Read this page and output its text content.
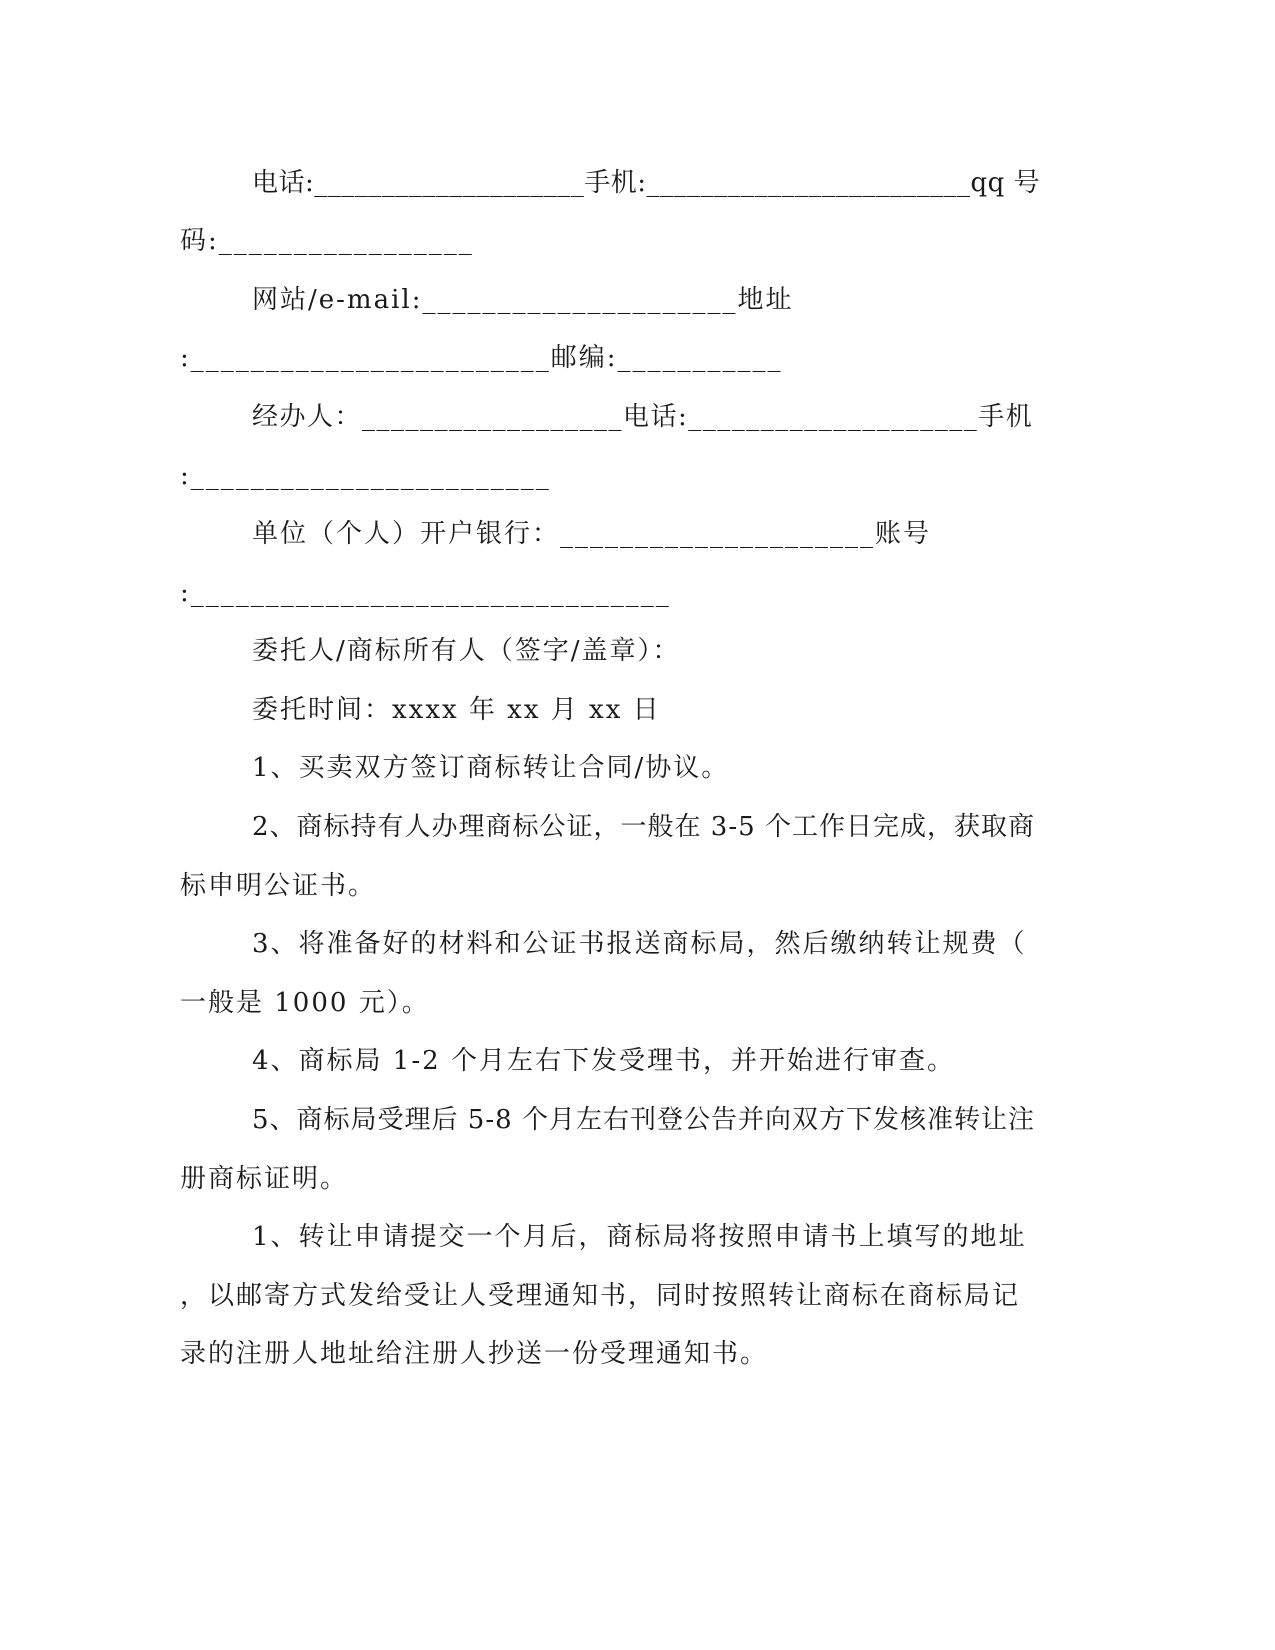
电话:____________________手机:________________________qq 号
码:_________________
网站/e-mail:_____________________地址
:________________________邮编:___________
经办人：__________________电话:____________________手机
:________________________
单位（个人）开户银行：_____________________账号
:________________________________
委托人/商标所有人（签字/盖章）：
委托时间：xxxx 年 xx 月 xx 日
1、买卖双方签订商标转让合同/协议。
2、商标持有人办理商标公证，一般在 3-5 个工作日完成，获取商
标申明公证书。
3、将准备好的材料和公证书报送商标局，然后缴纳转让规费（
一般是 1000 元）。
4、商标局 1-2 个月左右下发受理书，并开始进行审查。
5、商标局受理后 5-8 个月左右刊登公告并向双方下发核准转让注
册商标证明。
1、转让申请提交一个月后，商标局将按照申请书上填写的地址
，以邮寄方式发给受让人受理通知书，同时按照转让商标在商标局记
录的注册人地址给注册人抄送一份受理通知书。
